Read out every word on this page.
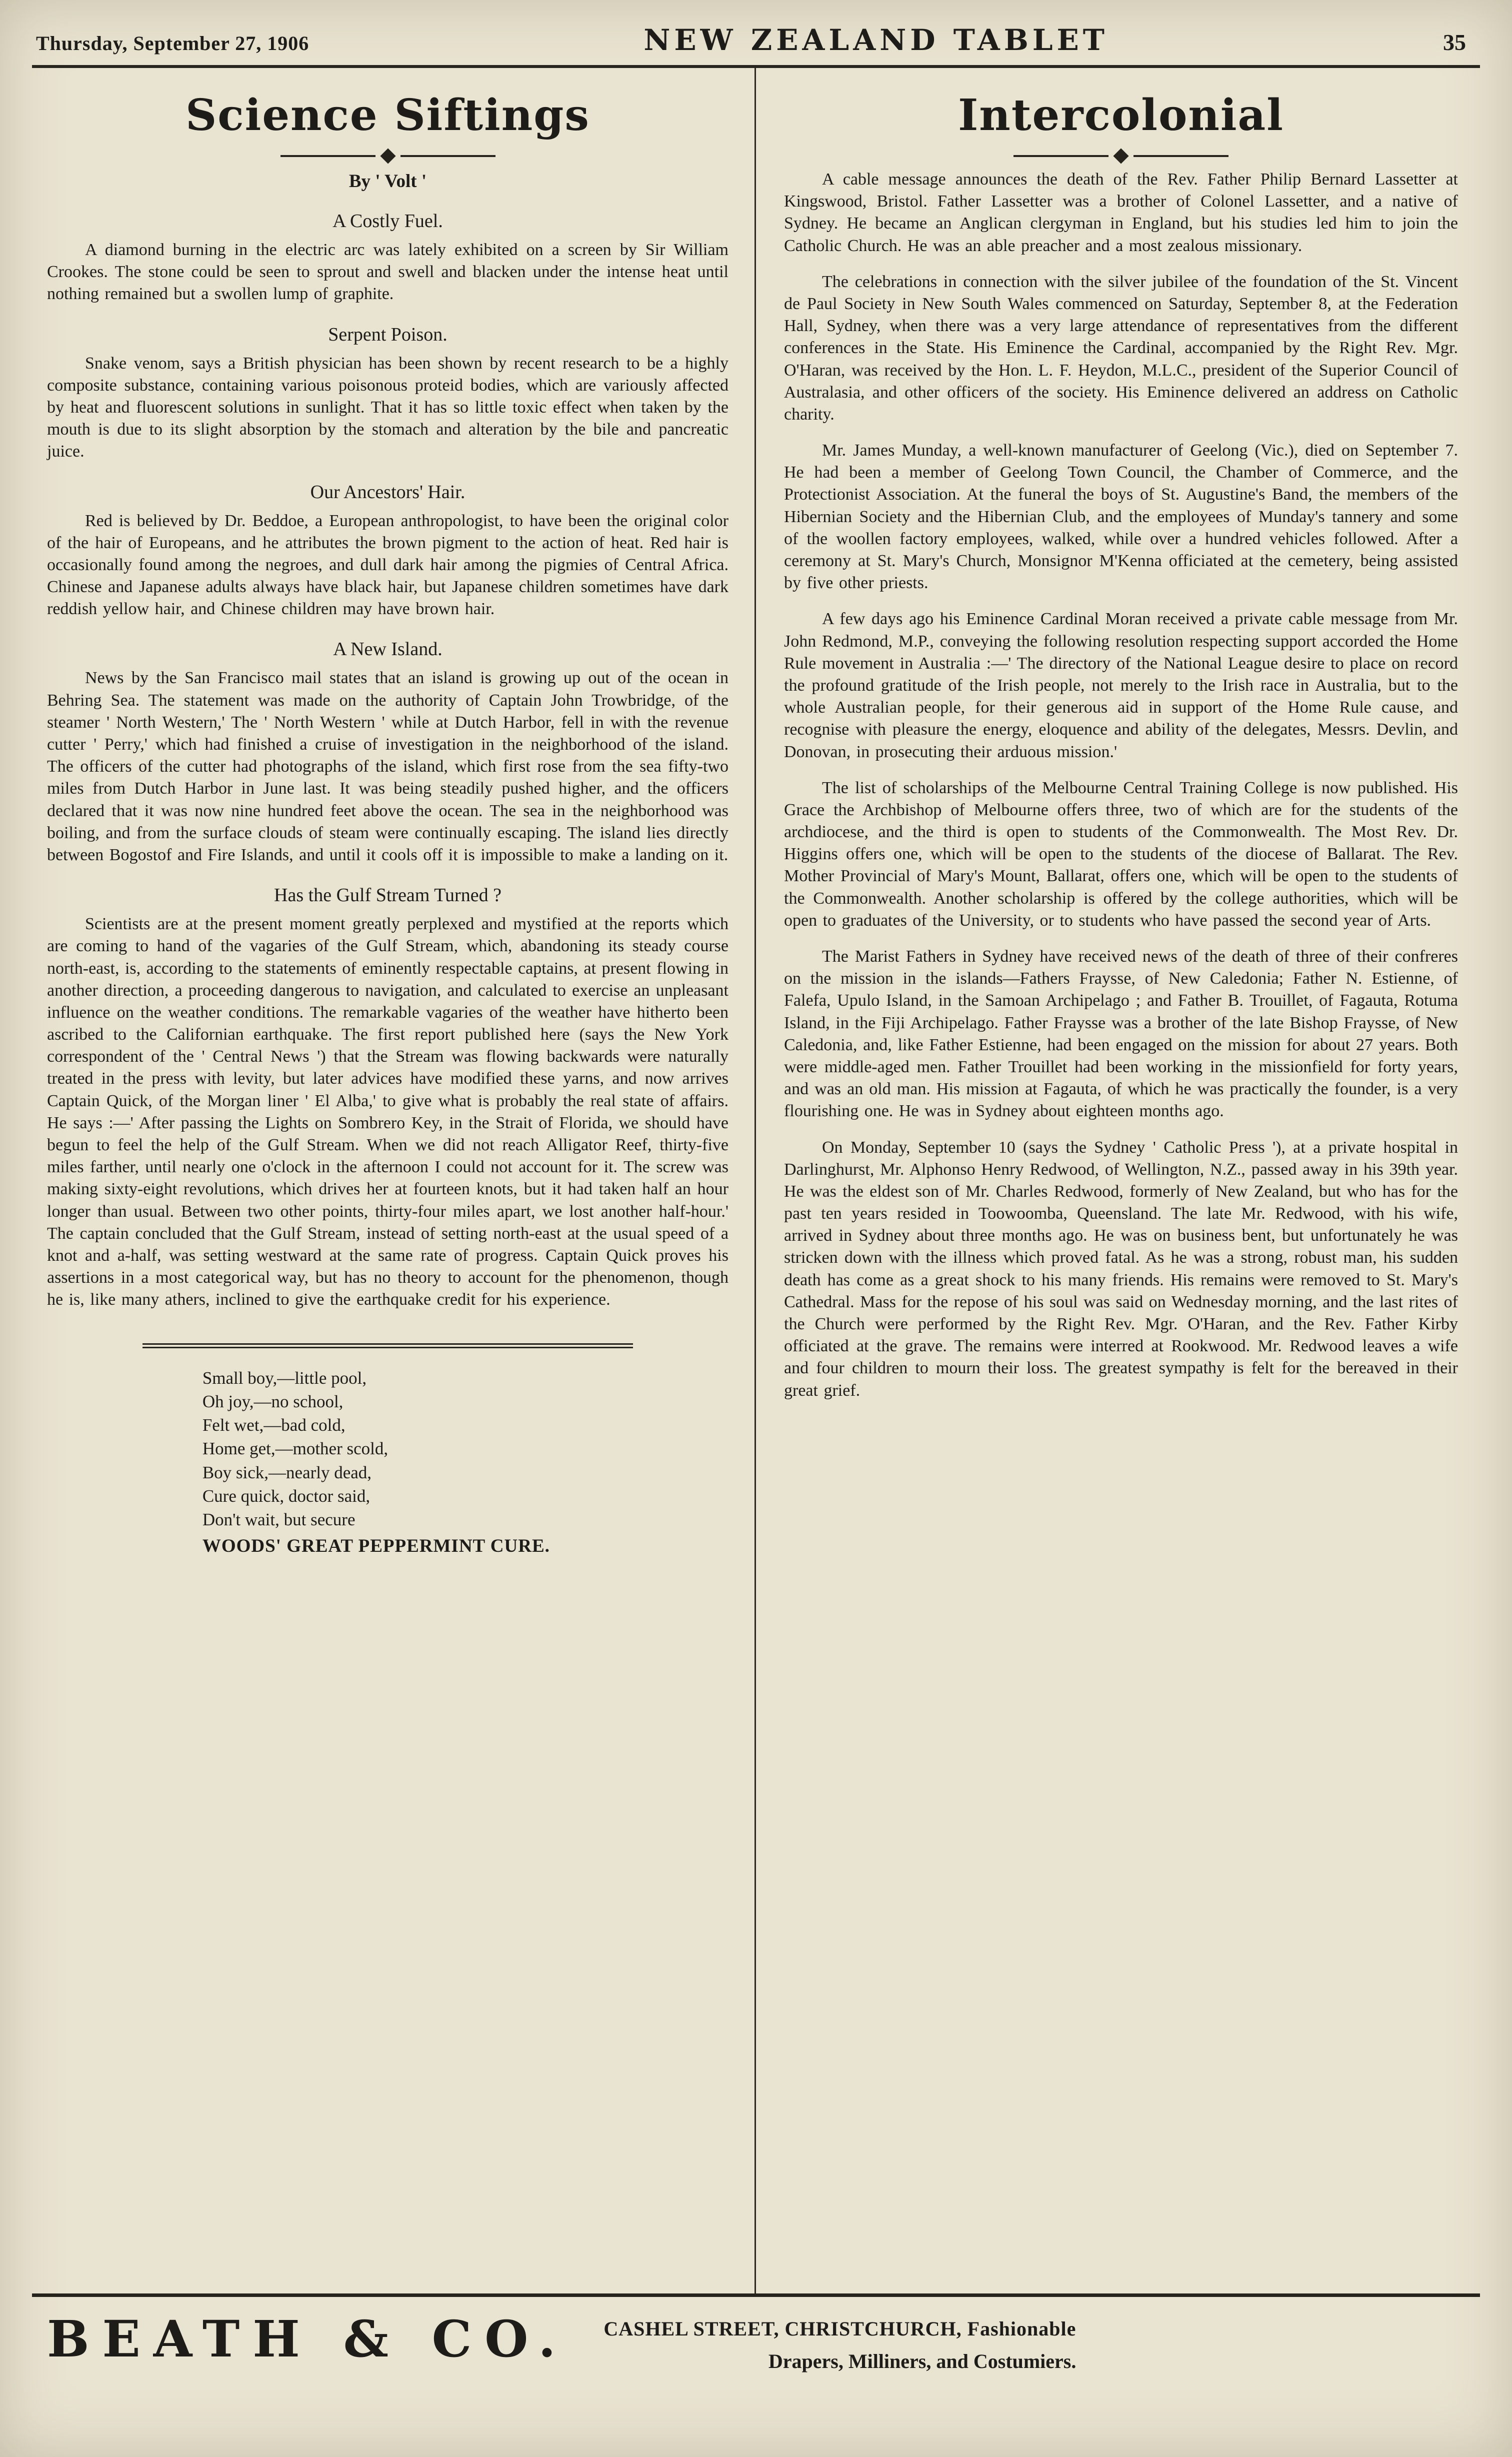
Thursday, September 27, 1906	NEW ZEALAND TABLET	35
Science Siftings
By ' Volt '
A Costly Fuel.

A diamond burning in the electric arc was lately exhibited on a screen by Sir William Crookes. The stone could be seen to sprout and swell and blacken under the intense heat until nothing remained but a swollen lump of graphite.

Serpent Poison.

Snake venom, says a British physician has been shown by recent research to be a highly composite substance, containing various poisonous proteid bodies, which are variously affected by heat and fluorescent solutions in sunlight. That it has so little toxic effect when taken by the mouth is due to its slight absorption by the stomach and alteration by the bile and pancreatic juice.

Our Ancestors' Hair.

Red is believed by Dr. Beddoe, a European anthropologist, to have been the original color of the hair of Europeans, and he attributes the brown pigment to the action of heat. Red hair is occasionally found among the negroes, and dull dark hair among the pigmies of Central Africa. Chinese and Japanese adults always have black hair, but Japanese children sometimes have dark reddish yellow hair, and Chinese children may have brown hair.

A New Island.

News by the San Francisco mail states that an island is growing up out of the ocean in Behring Sea. The statement was made on the authority of Captain John Trowbridge, of the steamer ' North Western,' The ' North Western ' while at Dutch Harbor, fell in with the revenue cutter ' Perry,' which had finished a cruise of investigation in the neighborhood of the island. The officers of the cutter had photographs of the island, which first rose from the sea fifty-two miles from Dutch Harbor in June last. It was being steadily pushed higher, and the officers declared that it was now nine hundred feet above the ocean. The sea in the neighborhood was boiling, and from the surface clouds of steam were continually escaping. The island lies directly between Bogostof and Fire Islands, and until it cools off it is impossible to make a landing on it.

Has the Gulf Stream Turned ?

Scientists are at the present moment greatly perplexed and mystified at the reports which are coming to hand of the vagaries of the Gulf Stream, which, abandoning its steady course north-east, is, according to the statements of eminently respectable captains, at present flowing in another direction, a proceeding dangerous to navigation, and calculated to exercise an unpleasant influence on the weather conditions. The remarkable vagaries of the weather have hitherto been ascribed to the Californian earthquake. The first report published here (says the New York correspondent of the ' Central News ') that the Stream was flowing backwards were naturally treated in the press with levity, but later advices have modified these yarns, and now arrives Captain Quick, of the Morgan liner ' El Alba,' to give what is probably the real state of affairs. He says :—' After passing the Lights on Sombrero Key, in the Strait of Florida, we should have begun to feel the help of the Gulf Stream. When we did not reach Alligator Reef, thirty-five miles farther, until nearly one o'clock in the afternoon I could not account for it. The screw was making sixty-eight revolutions, which drives her at fourteen knots, but it had taken half an hour longer than usual. Between two other points, thirty-four miles apart, we lost another half-hour.' The captain concluded that the Gulf Stream, instead of setting north-east at the usual speed of a knot and a-half, was setting westward at the same rate of progress. Captain Quick proves his assertions in a most categorical way, but has no theory to account for the phenomenon, though he is, like many athers, inclined to give the earthquake credit for his experience.

Small boy,—little pool,
Oh joy,—no school,
Felt wet,—bad cold,
Home get,—mother scold,
Boy sick,—nearly dead,
Cure quick, doctor said,
Don't wait, but secure
WOODS' GREAT PEPPERMINT CURE.
Intercolonial

A cable message announces the death of the Rev. Father Philip Bernard Lassetter at Kingswood, Bristol. Father Lassetter was a brother of Colonel Lassetter, and a native of Sydney. He became an Anglican clergyman in England, but his studies led him to join the Catholic Church. He was an able preacher and a most zealous missionary.

The celebrations in connection with the silver jubilee of the foundation of the St. Vincent de Paul Society in New South Wales commenced on Saturday, September 8, at the Federation Hall, Sydney, when there was a very large attendance of representatives from the different conferences in the State. His Eminence the Cardinal, accompanied by the Right Rev. Mgr. O'Haran, was received by the Hon. L. F. Heydon, M.L.C., president of the Superior Council of Australasia, and other officers of the society. His Eminence delivered an address on Catholic charity.

Mr. James Munday, a well-known manufacturer of Geelong (Vic.), died on September 7. He had been a member of Geelong Town Council, the Chamber of Commerce, and the Protectionist Association. At the funeral the boys of St. Augustine's Band, the members of the Hibernian Society and the Hibernian Club, and the employees of Munday's tannery and some of the woollen factory employees, walked, while over a hundred vehicles followed. After a ceremony at St. Mary's Church, Monsignor M'Kenna officiated at the cemetery, being assisted by five other priests.

A few days ago his Eminence Cardinal Moran received a private cable message from Mr. John Redmond, M.P., conveying the following resolution respecting support accorded the Home Rule movement in Australia :—' The directory of the National League desire to place on record the profound gratitude of the Irish people, not merely to the Irish race in Australia, but to the whole Australian people, for their generous aid in support of the Home Rule cause, and recognise with pleasure the energy, eloquence and ability of the delegates, Messrs. Devlin, and Donovan, in prosecuting their arduous mission.'

The list of scholarships of the Melbourne Central Training College is now published. His Grace the Archbishop of Melbourne offers three, two of which are for the students of the archdiocese, and the third is open to students of the Commonwealth. The Most Rev. Dr. Higgins offers one, which will be open to the students of the diocese of Ballarat. The Rev. Mother Provincial of Mary's Mount, Ballarat, offers one, which will be open to the students of the Commonwealth. Another scholarship is offered by the college authorities, which will be open to graduates of the University, or to students who have passed the second year of Arts.

The Marist Fathers in Sydney have received news of the death of three of their confreres on the mission in the islands—Fathers Fraysse, of New Caledonia; Father N. Estienne, of Falefa, Upulo Island, in the Samoan Archipelago ; and Father B. Trouillet, of Fagauta, Rotuma Island, in the Fiji Archipelago. Father Fraysse was a brother of the late Bishop Fraysse, of New Caledonia, and, like Father Estienne, had been engaged on the mission for about 27 years. Both were middle-aged men. Father Trouillet had been working in the missionfield for forty years, and was an old man. His mission at Fagauta, of which he was practically the founder, is a very flourishing one. He was in Sydney about eighteen months ago.

On Monday, September 10 (says the Sydney ' Catholic Press '), at a private hospital in Darlinghurst, Mr. Alphonso Henry Redwood, of Wellington, N.Z., passed away in his 39th year. He was the eldest son of Mr. Charles Redwood, formerly of New Zealand, but who has for the past ten years resided in Toowoomba, Queensland. The late Mr. Redwood, with his wife, arrived in Sydney about three months ago. He was on business bent, but unfortunately he was stricken down with the illness which proved fatal. As he was a strong, robust man, his sudden death has come as a great shock to his many friends. His remains were removed to St. Mary's Cathedral. Mass for the repose of his soul was said on Wednesday morning, and the last rites of the Church were performed by the Right Rev. Mgr. O'Haran, and the Rev. Father Kirby officiated at the grave. The remains were interred at Rookwood. Mr. Redwood leaves a wife and four children to mourn their loss. The greatest sympathy is felt for the bereaved in their great grief.

BEATH & CO. CASHEL STREET, CHRISTCHURCH, Fashionable
Drapers, Milliners, and Costumiers.
